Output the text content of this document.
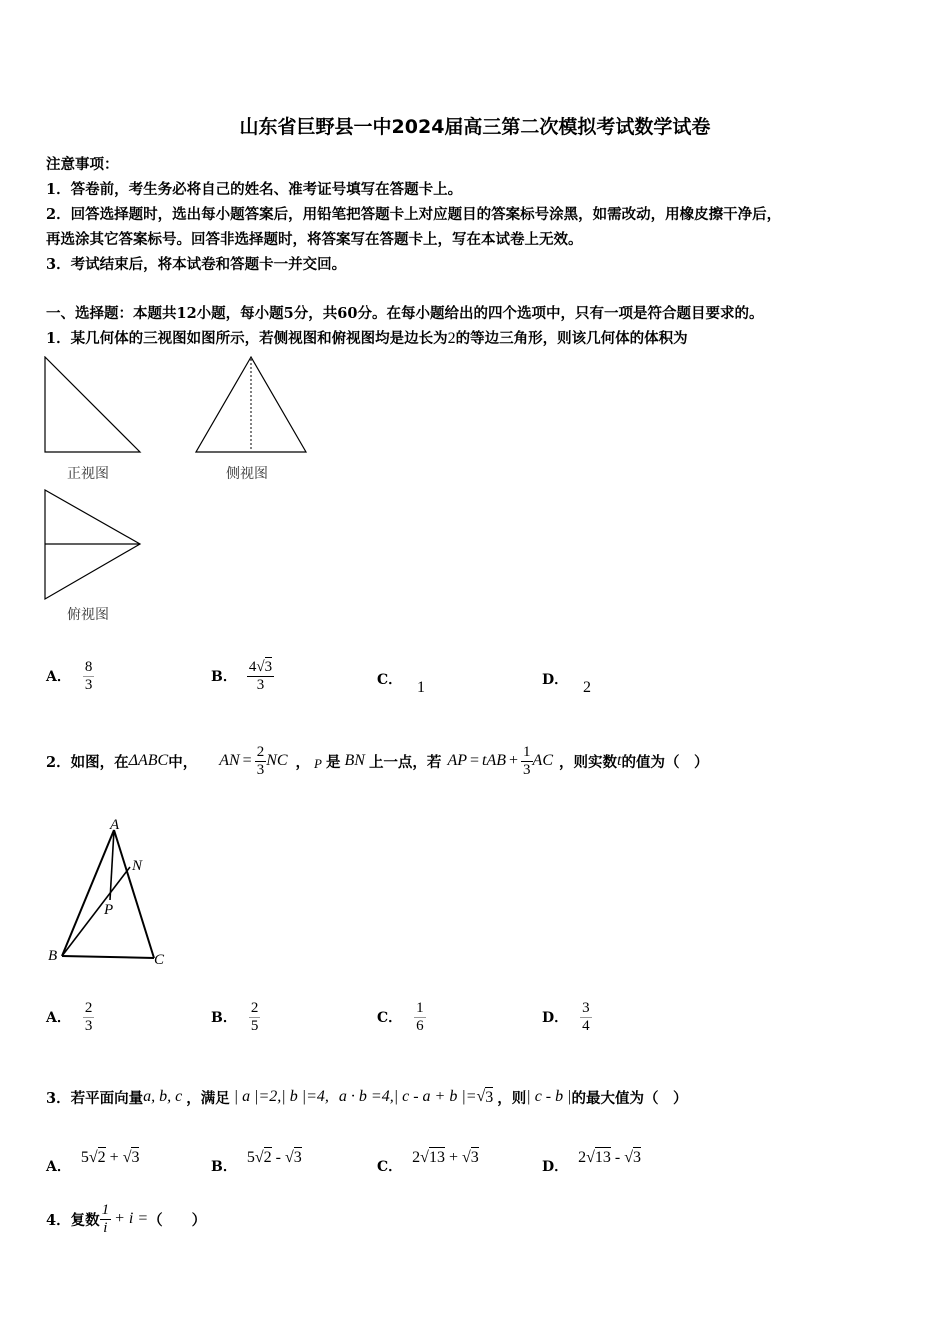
山东省巨野县一中2024届高三第二次模拟考试数学试卷
注意事项：
1．答卷前，考生务必将自己的姓名、准考证号填写在答题卡上。
2．回答选择题时，选出每小题答案后，用铅笔把答题卡上对应题目的答案标号涂黑，如需改动，用橡皮擦干净后，
再选涂其它答案标号。回答非选择题时，将答案写在答题卡上，写在本试卷上无效。
3．考试结束后，将本试卷和答题卡一并交回。
一、选择题：本题共12小题，每小题5分，共60分。在每小题给出的四个选项中，只有一项是符合题目要求的。
1．某几何体的三视图如图所示，若侧视图和俯视图均是边长为2的等边三角形，则该几何体的体积为
正视图	侧视图
俯视图
A． $\frac{8}{3}$	B． $\frac{4√3}{3}$	C． 1	D． 2
2．如图，在 ΔABC 中， AN = $\frac{2}{3}$ NC ， P 是 BN 上一点，若 AP = t AB + $\frac{1}{3}$ AC ，则实数 t 的值为（　）
A
B	C
N
P
A． $\frac{2}{3}$	B． $\frac{2}{5}$	C． $\frac{1}{6}$	D． $\frac{3}{4}$
3．若平面向量 a, b, c ，满足 | a |=2,| b |=4, a · b =4,| c - a + b |= √ 3 ，则 | c - b | 的最大值为（　）
A．
5√2 + √3
B．
5√2 - √3
C．
2√13 + √3
D．
2√13 - √3
4．复数 $\frac{1}{i} + i$ = （　　）
